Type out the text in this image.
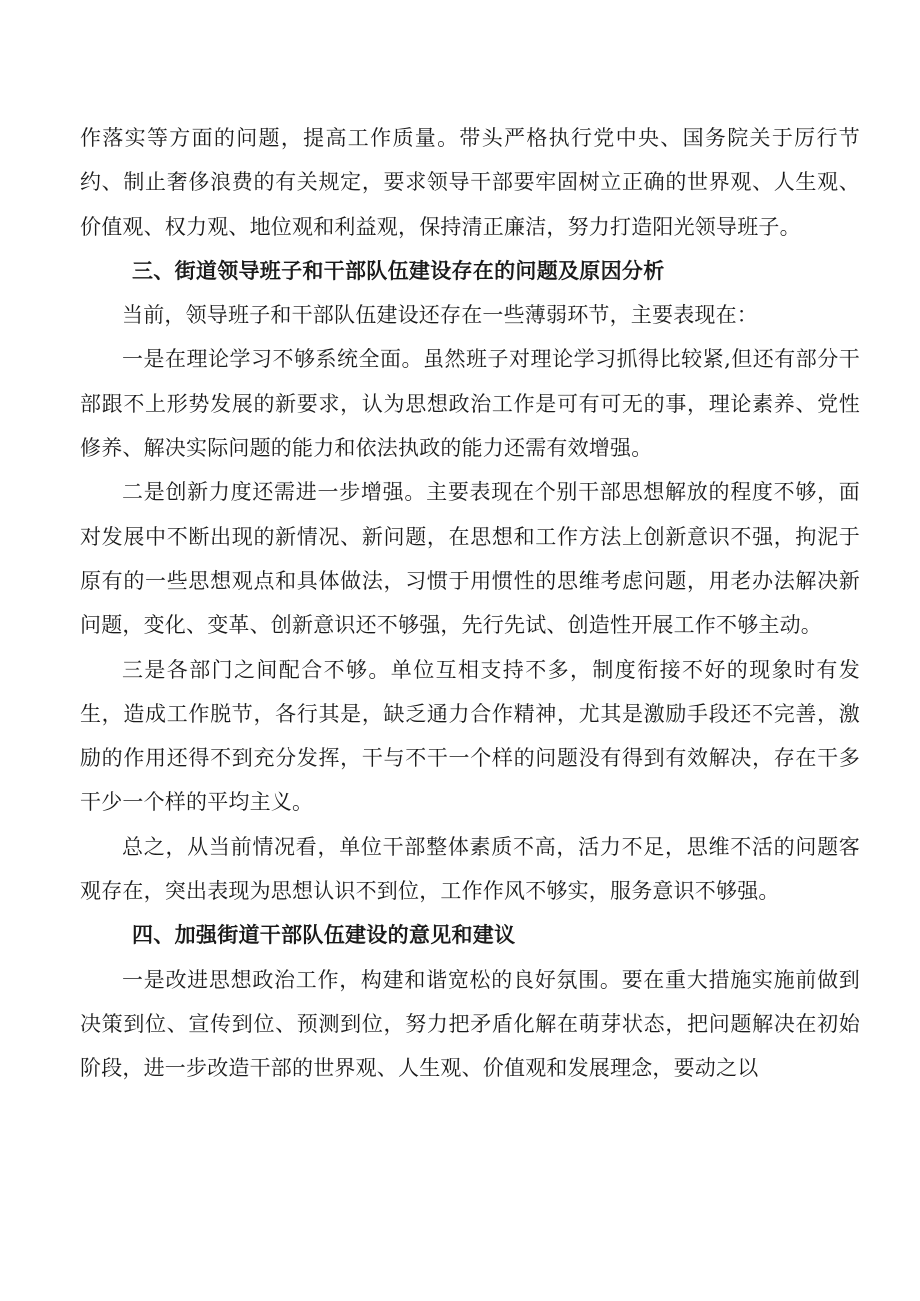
作落实等方面的问题，提高工作质量。带头严格执行党中央、国务院关于厉行节约、制止奢侈浪费的有关规定，要求领导干部要牢固树立正确的世界观、人生观、价值观、权力观、地位观和利益观，保持清正廉洁，努力打造阳光领导班子。

三、街道领导班子和干部队伍建设存在的问题及原因分析

当前，领导班子和干部队伍建设还存在一些薄弱环节，主要表现在：

一是在理论学习不够系统全面。虽然班子对理论学习抓得比较紧,但还有部分干部跟不上形势发展的新要求，认为思想政治工作是可有可无的事，理论素养、党性修养、解决实际问题的能力和依法执政的能力还需有效增强。

二是创新力度还需进一步增强。主要表现在个别干部思想解放的程度不够，面对发展中不断出现的新情况、新问题，在思想和工作方法上创新意识不强，拘泥于原有的一些思想观点和具体做法，习惯于用惯性的思维考虑问题，用老办法解决新问题，变化、变革、创新意识还不够强，先行先试、创造性开展工作不够主动。

三是各部门之间配合不够。单位互相支持不多，制度衔接不好的现象时有发生，造成工作脱节，各行其是，缺乏通力合作精神，尤其是激励手段还不完善，激励的作用还得不到充分发挥，干与不干一个样的问题没有得到有效解决，存在干多干少一个样的平均主义。

总之，从当前情况看，单位干部整体素质不高，活力不足，思维不活的问题客观存在，突出表现为思想认识不到位，工作作风不够实，服务意识不够强。

四、加强街道干部队伍建设的意见和建议

一是改进思想政治工作，构建和谐宽松的良好氛围。要在重大措施实施前做到决策到位、宣传到位、预测到位，努力把矛盾化解在萌芽状态，把问题解决在初始阶段，进一步改造干部的世界观、人生观、价值观和发展理念，要动之以
